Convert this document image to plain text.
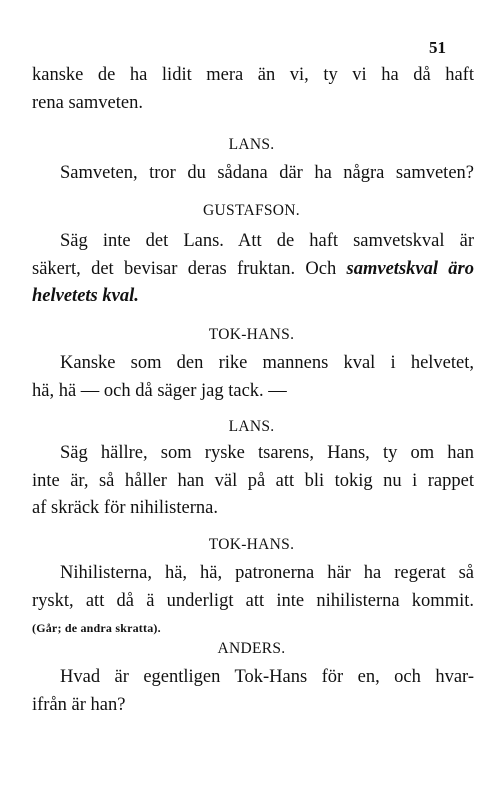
51
kanske de ha lidit mera än vi, ty vi ha då haft
rena samveten.
LANS.
Samveten, tror du sådana där ha några samveten?
GUSTAFSON.
Säg inte det Lans. Att de haft samvetskval är
säkert, det bevisar deras fruktan. Och samvetskval äro
helvetets kval.
TOK-HANS.
Kanske som den rike mannens kval i helvetet,
hä, hä — och då säger jag tack. —
LANS.
Säg hällre, som ryske tsarens, Hans, ty om han
inte är, så håller han väl på att bli tokig nu i rappet
af skräck för nihilisterna.
TOK-HANS.
Nihilisterna, hä, hä, patronerna här ha regerat så
ryskt, att då ä underligt att inte nihilisterna kommit.
(Går; de andra skratta).
ANDERS.
Hvad är egentligen Tok-Hans för en, och hvar-
ifrån är han?
